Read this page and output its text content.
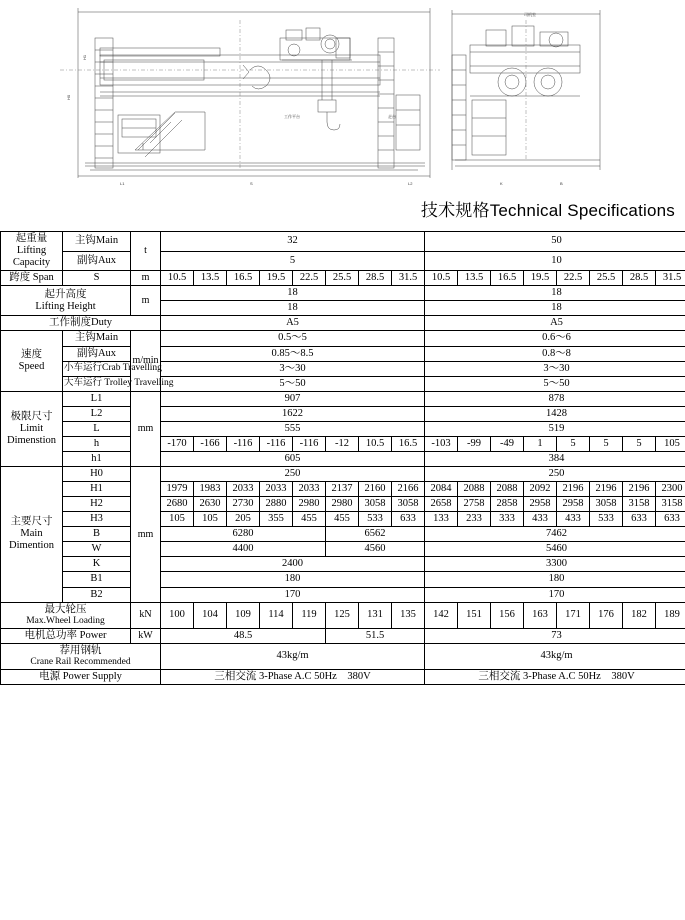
工作平台	走台
司机室
H0
H1
S
L1	L2	K	B
技术规格Technical Specifications
起重量
Lifting
Capacity	主钩Main	t	32								50							
	副钩Aux		5								10							
跨度 Span	S	m	10.5	13.5	16.5	19.5	22.5	25.5	28.5	31.5	10.5	13.5	16.5	19.5	22.5	25.5	28.5	31.5

起升高度
Lifting Height		m	18								18							
			18								18							
工作制度Duty			A5								A5							

速度
Speed	主钩Main	m/min	0.5～5								0.6～6							
	副钩Aux		0.85～8.5								0.8～8							
	小车运行Crab Travelling		3～30								3～30							
	大车运行 Trolley Travelling		5～50								5～50							

极限尺寸
Limit
Dimenstion	L1	mm	907								878							
	L2		1622								1428							
	L		555								519							
	h		-170	-166	-116	-116	-116	-12	10.5	16.5	-103	-99	-49	1	5	5	5	105
	h1		605								384							

主要尺寸
Main
Dimention	H0	mm	250								250							
	H1		1979	1983	2033	2033	2033	2137	2160	2166	2084	2088	2088	2092	2196	2196	2196	2300
	H2		2680	2630	2730	2880	2980	2980	3058	3058	2658	2758	2858	2958	2958	3058	3158	3158
	H3		105	105	205	355	455	455	533	633	133	233	333	433	433	533	633	633
	B		6280					6562			7462							
	W		4400					4560			5460							
	K		2400								3300							
	B1		180								180							
	B2		170								170							

最大轮压
Max.Wheel Loading		kN	100	104	109	114	119	125	131	135	142	151	156	163	171	176	182	189
电机总功率 Power		kW	48.5					51.5			73							

荐用钢轨
Crane Rail Recommended			43kg/m								43kg/m							
电源 Power Supply			三相交流 3-Phase A.C 50Hz　380V								三相交流 3-Phase A.C 50Hz　380V							
